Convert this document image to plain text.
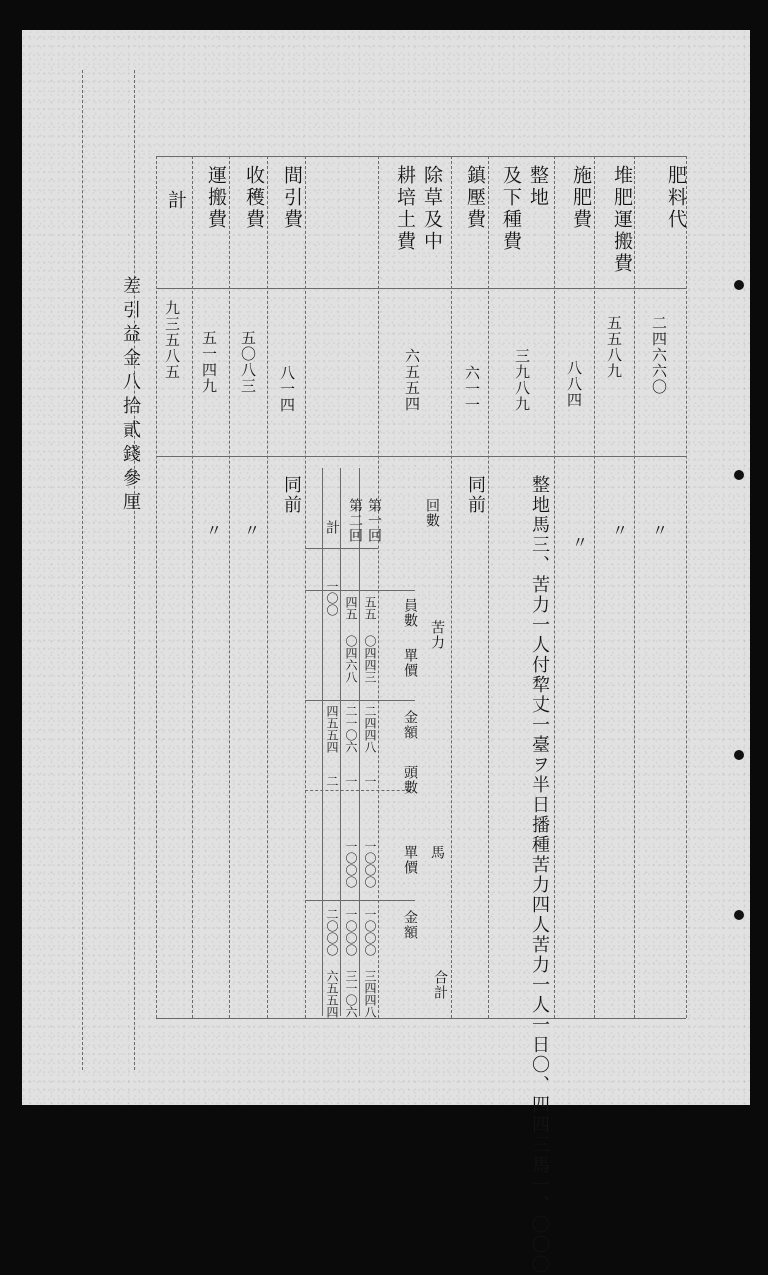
肥料代
堆肥運搬費
施肥費
整地
及下種費
鎮壓費
除草及中
耕培土費
間引費
收穫費
運搬費
計
二四六六〇
五五八九
八八四
三九八九
六一一
六五五四
八一四
五〇八三
五一四九
九三五八五
〃
〃
〃
整地馬三、苦力一人付犂丈一臺ヲ半日播種苦力四人苦力一人一日〇、四四三馬一、〇〇〇
同前
同前
〃
〃
回數
苦力
馬
合計
員數
單價
金額
頭數
單價
金額
第一回
第二回
計
五五
〇四四三
二四四八
一
一〇〇〇
一〇〇〇
三四四八
四五
〇四六八
二一〇六
一
一〇〇〇
一〇〇〇
三一〇六
一〇〇
四五五四
二
二〇〇〇
六五五四
差引益金八拾貳錢參厘
